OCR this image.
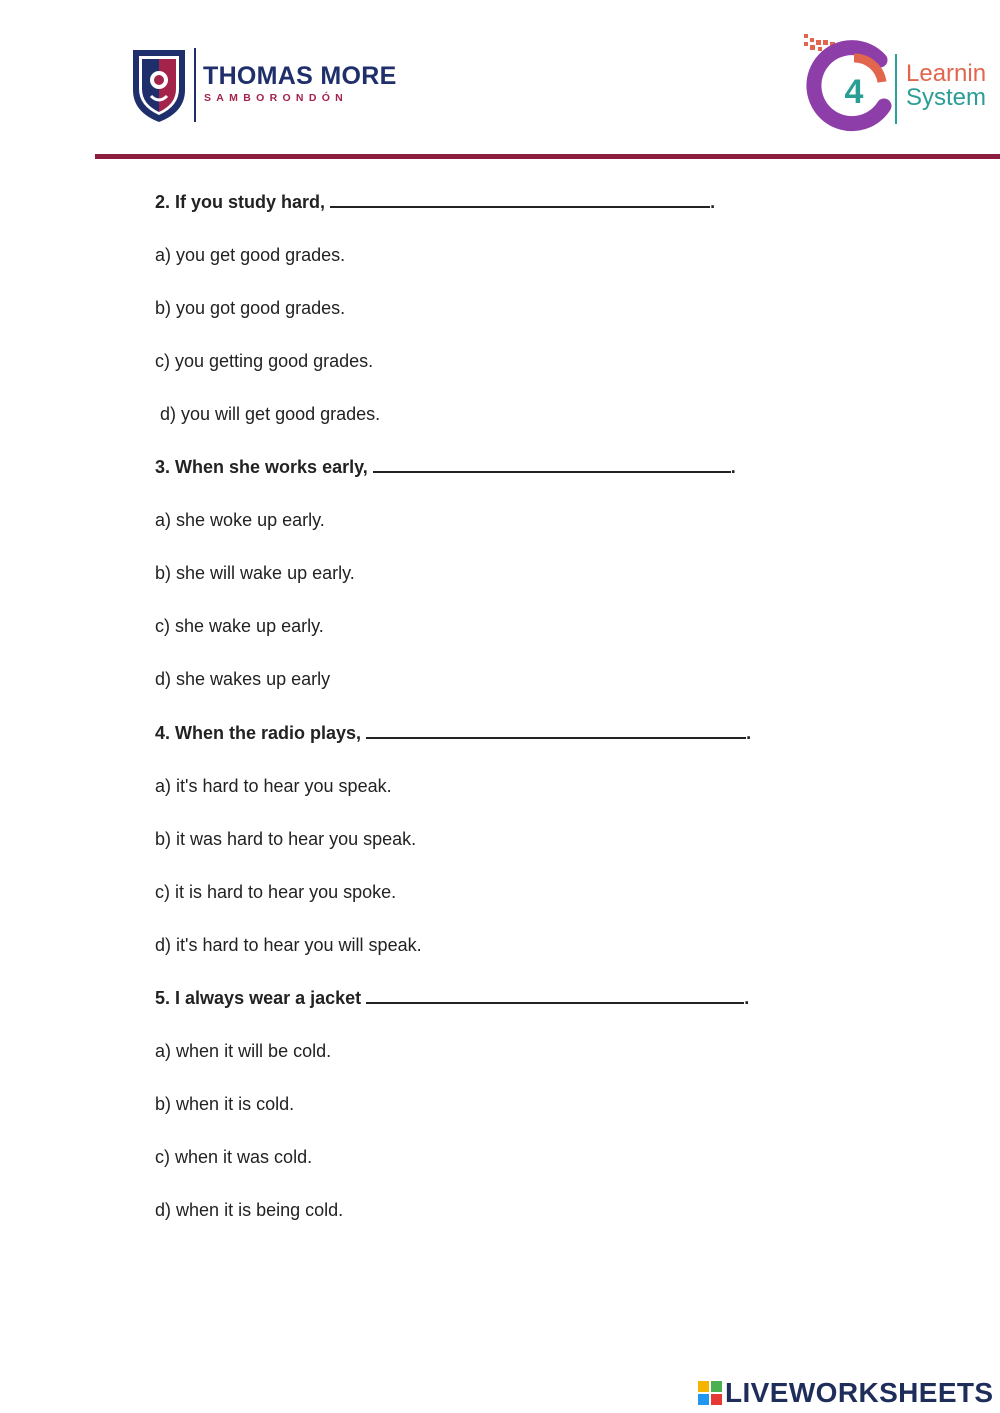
THOMAS MORE
SAMBORONDÓN	4 Learnin
System
2. If you study hard,	.
a) you get good grades.
b) you got good grades.
c) you getting good grades.
d) you will get good grades.
3. When she works early,	.
a) she woke up early.
b) she will wake up early.
c) she wake up early.
d) she wakes up early
4. When the radio plays,	.
a) it's hard to hear you speak.
b) it was hard to hear you speak.
c) it is hard to hear you spoke.
d) it's hard to hear you will speak.
5. I always wear a jacket	.
a) when it will be cold.
b) when it is cold.
c) when it was cold.
d) when it is being cold.
LIVEWORKSHEETS
